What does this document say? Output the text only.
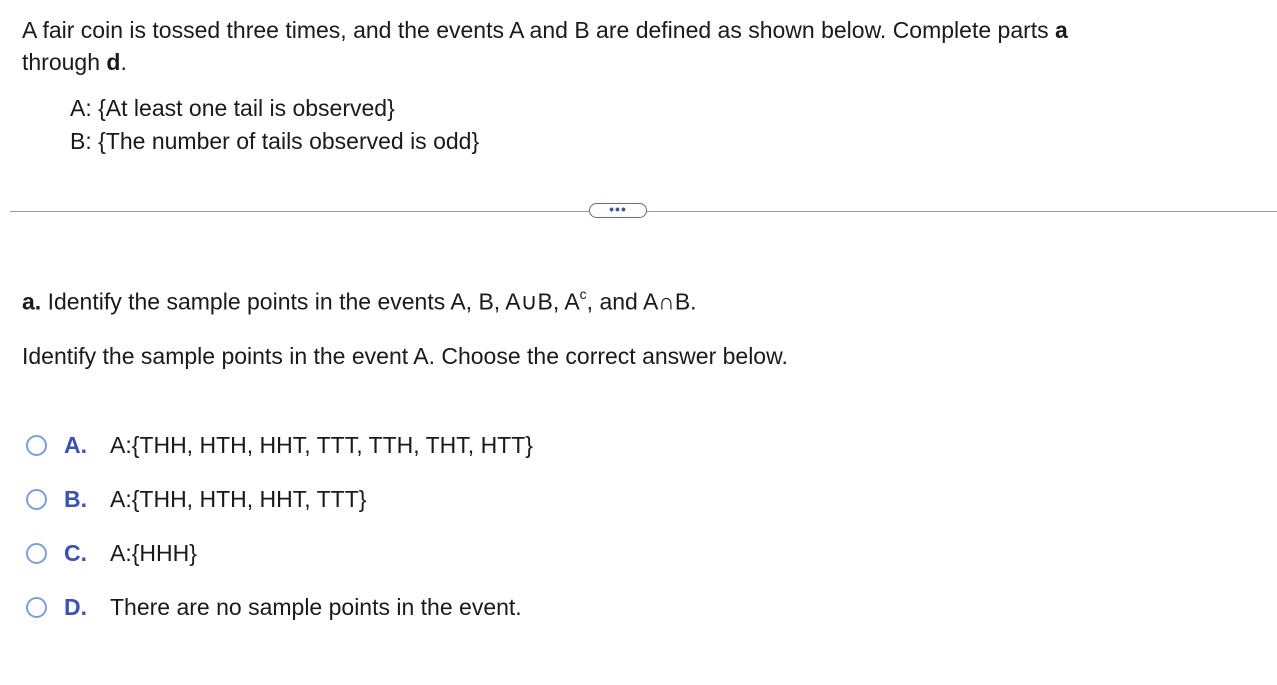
A fair coin is tossed three times, and the events A and B are defined as shown below. Complete parts a
through d.
A: {At least one tail is observed}
B: {The number of tails observed is odd}
•••
a. Identify the sample points in the events A, B, A∪B, $A^c$, and A∩B.
Identify the sample points in the event A. Choose the correct answer below.
A.	A:{THH, HTH, HHT, TTT, TTH, THT, HTT}
B.	A:{THH, HTH, HHT, TTT}
C.	A:{HHH}
D.	There are no sample points in the event.
